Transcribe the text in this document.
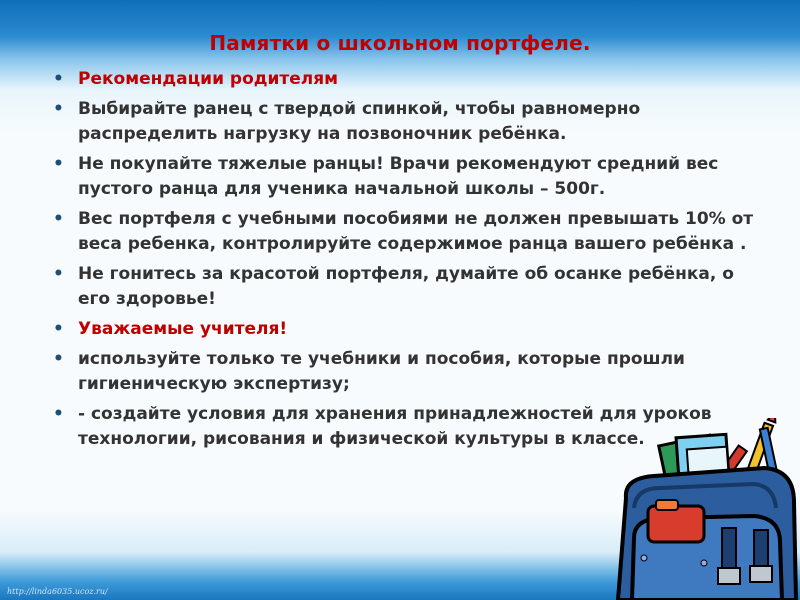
Памятки о школьном портфеле.
• Рекомендации родителям
• Выбирайте ранец с твердой спинкой, чтобы равномерно распределить нагрузку на позвоночник ребёнка.
• Не покупайте тяжелые ранцы! Врачи рекомендуют средний вес пустого ранца для ученика начальной школы – 500г.
• Вес портфеля с учебными пособиями не должен превышать 10% от веса ребенка, контролируйте содержимое ранца вашего ребёнка .
• Не гонитесь за красотой портфеля, думайте об осанке ребёнка, о его здоровье!
• Уважаемые учителя!
• используйте только те учебники и пособия, которые прошли гигиеническую экспертизу;
• - создайте условия для хранения принадлежностей для уроков технологии, рисования и физической культуры в классе.
http://linda6035.ucoz.ru/
